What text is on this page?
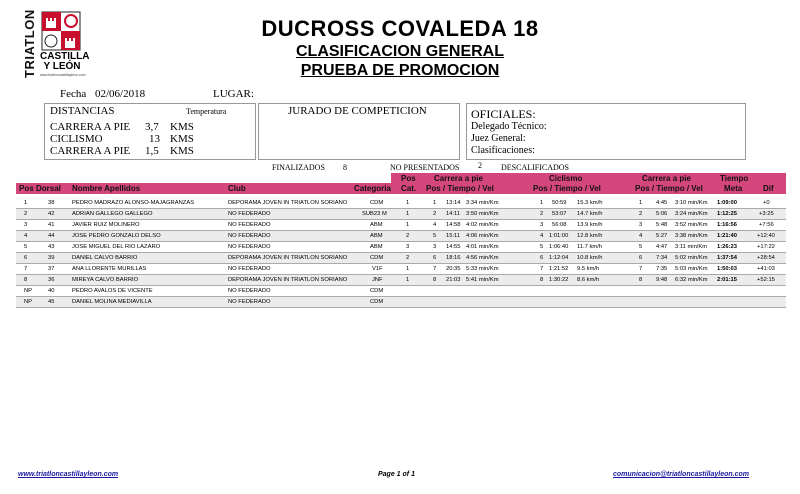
TRIATLON CASTILLA
Y LEÓN
www.triatloncastillayleon.com
DUCROSS COVALEDA 18
CLASIFICACION GENERAL
PRUEBA DE PROMOCION
Fecha 02/06/2018	LUGAR:
DISTANCIAS	Temperatura
CARRERA A PIE 3,7 KMS
CICLISMO	13 KMS
CARRERA A PIE 1,5 KMS
JURADO DE COMPETICION	OFICIALES:
Delegado Técnico:
Juez General:
Clasificaciones:
FINALIZADOS 8	NO PRESENTADOS 2 DESCALIFICADOS
Pos Dorsal Nombre Apellidos	Club	Categoria
Pos
Cat.
Carrera a pie
Pos / Tiempo / Vel
Ciclismo
Pos / Tiempo / Vel
Carrera a pie
Pos / Tiempo / Vel
Tiempo
Meta	Dif
1	38	PEDRO MADRAZO ALONSO-MAJAGRANZAS	DEPORAMA JOVEN IN TRIATLON SORIANO	CDM	1	1 13:14 3:34 min/Km	1 50:59 15.3 km/h	1 4:45 3:10 min/Km 1:09:00	+0
2	42	ADRIAN GALLEGO GALLEGO	NO FEDERADO	SUB23 M	1	2 14:11 3:50 min/Km	2 53:07 14.7 km/h	2 5:06 3:24 min/Km 1:12:25	+3:25
3	41	JAVIER RUIZ MOLINERO	NO FEDERADO	ABM	1	4 14:58 4:02 min/Km	3 56:08 13.9 km/h	3 5:48 3:52 min/Km 1:16:56	+7:56
4	44	JOSE PEDRO GONZALO DELSO	NO FEDERADO	ABM	2	5 15:11 4:06 min/Km	4 1:01:00 12.8 km/h	4 5:27 3:38 min/Km 1:21:40	+12:40
5	43	JOSE MIGUEL DEL RIO LAZARO	NO FEDERADO	ABM	3	3 14:55 4:01 min/Km	5 1:06:40 11.7 km/h	5 4:47 3:11 min/Km 1:26:23	+17:22
6	39	DANIEL CALVO BARRIO	DEPORAMA JOVEN IN TRIATLON SORIANO	CDM	2	6 18:16 4:56 min/Km	6 1:12:04 10.8 km/h	6 7:34 5:02 min/Km 1:37:54	+28:54
7	37	ANA LLORENTE MURILLAS	NO FEDERADO	V1F	1	7 20:35 5:33 min/Km	7 1:21:52 9.5 km/h	7 7:35 5:03 min/Km 1:50:03	+41:03
8	36	MIREYA CALVO BARRIO	DEPORAMA JOVEN IN TRIATLON SORIANO	JNF	1	8 21:03 5:41 min/Km	8 1:30:22 8.6 km/h	8 9:48 6:32 min/Km 2:01:15	+52:15
NP	40	PEDRO AVALOS DE VICENTE	NO FEDERADO	CDM
NP	45	DANIEL MOLINA MEDIAVILLA	NO FEDERADO	CDM
www.triatloncastillayleon.com	Page 1 of 1	comunicacion@triatloncastillayleon.com
